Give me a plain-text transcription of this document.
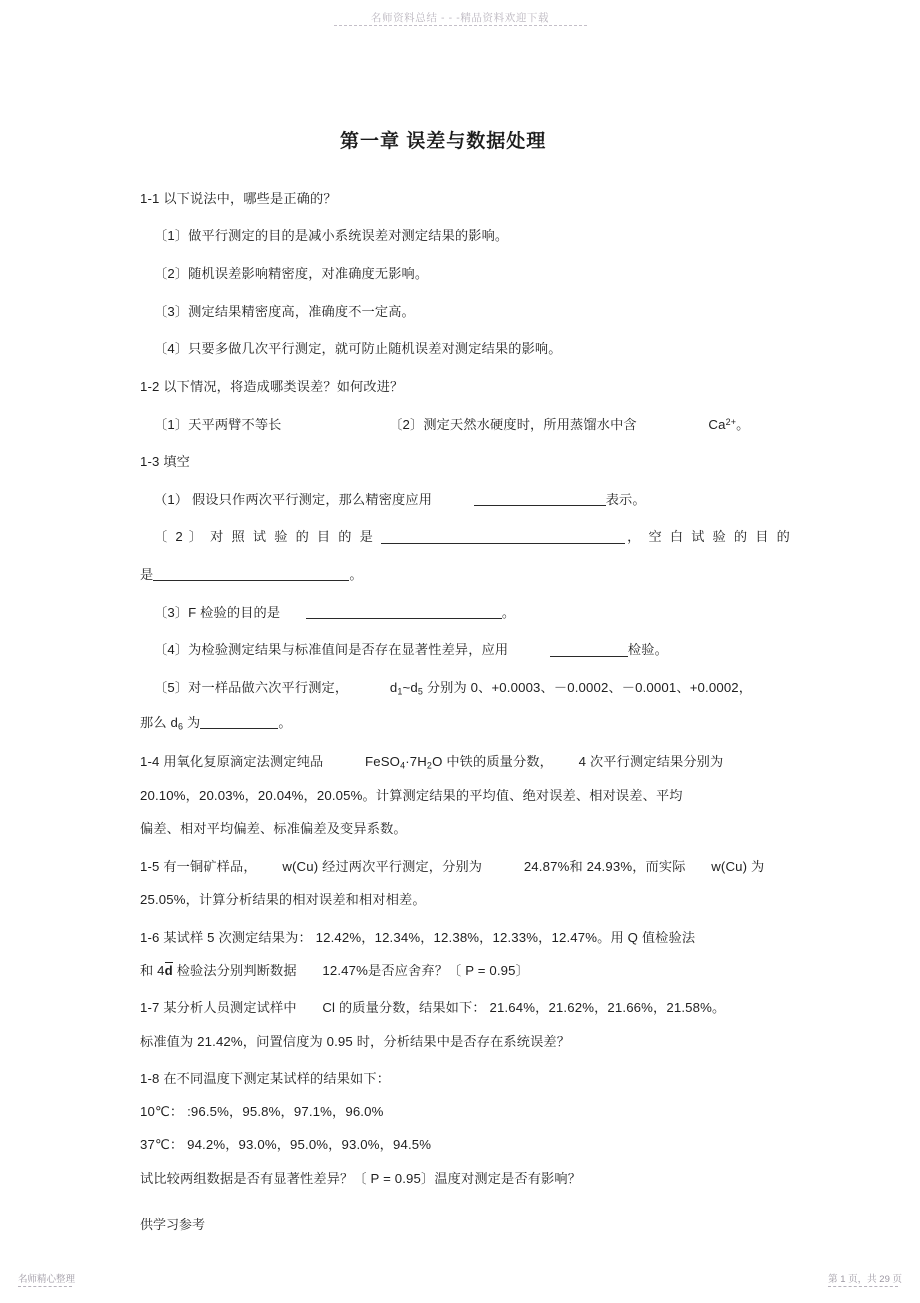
名师资料总结 - - -精品资料欢迎下载
第一章 误差与数据处理

1-1 以下说法中，哪些是正确的？

〔1〕做平行测定的目的是减小系统误差对测定结果的影响。

〔2〕随机误差影响精密度，对准确度无影响。

〔3〕测定结果精密度高，准确度不一定高。

〔4〕只要多做几次平行测定，就可防止随机误差对测定结果的影响。

1-2 以下情况，将造成哪类误差？如何改进？

〔1〕天平两臂不等长	〔2〕测定天然水硬度时，所用蒸馏水中含	$Ca^{2+}$。

1-3 填空

（1） 假设只作两次平行测定，那么精密度应用	表示。

〔 2 〕 对 照 试 验 的 目 的 是	， 空 白 试 验 的 目 的

是	。

〔3〕F 检验的目的是	。

〔4〕为检验测定结果与标准值间是否存在显著性差异，应用	检验。

〔5〕对一样品做六次平行测定，	$d_1\sim d_5$ 分别为 0、+0.0003、－0.0002、－0.0001、+0.0002，

那么 $d_6$ 为	。

1-4 用氧化复原滴定法测定纯品	$FeSO_4\cdot 7H_2O$ 中铁的质量分数， 4 次平行测定结果分别为

20.10%，20.03%，20.04%，20.05%。计算测定结果的平均值、绝对误差、相对误差、平均

偏差、相对平均偏差、标准偏差及变异系数。

1-5 有一铜矿样品， w(Cu) 经过两次平行测定，分别为	24.87%和 24.93%，而实际 w(Cu) 为

25.05%，计算分析结果的相对误差和相对相差。

1-6 某试样 5 次测定结果为： 12.42%，12.34%，12.38%，12.33%，12.47%。用 Q 值检验法

和 4d 检验法分别判断数据 12.47%是否应舍弃？〔 P = 0.95〕

1-7 某分析人员测定试样中 Cl 的质量分数，结果如下： 21.64%，21.62%，21.66%，21.58%。

标准值为 21.42%，问置信度为 0.95 时，分析结果中是否存在系统误差？

1-8 在不同温度下测定某试样的结果如下：

10℃： :96.5%，95.8%，97.1%，96.0%

37℃： 94.2%，93.0%，95.0%，93.0%，94.5%

试比较两组数据是否有显著性差异？〔 P = 0.95〕温度对测定是否有影响？

供学习参考

名师精心整理	第 1 页，共 29 页
